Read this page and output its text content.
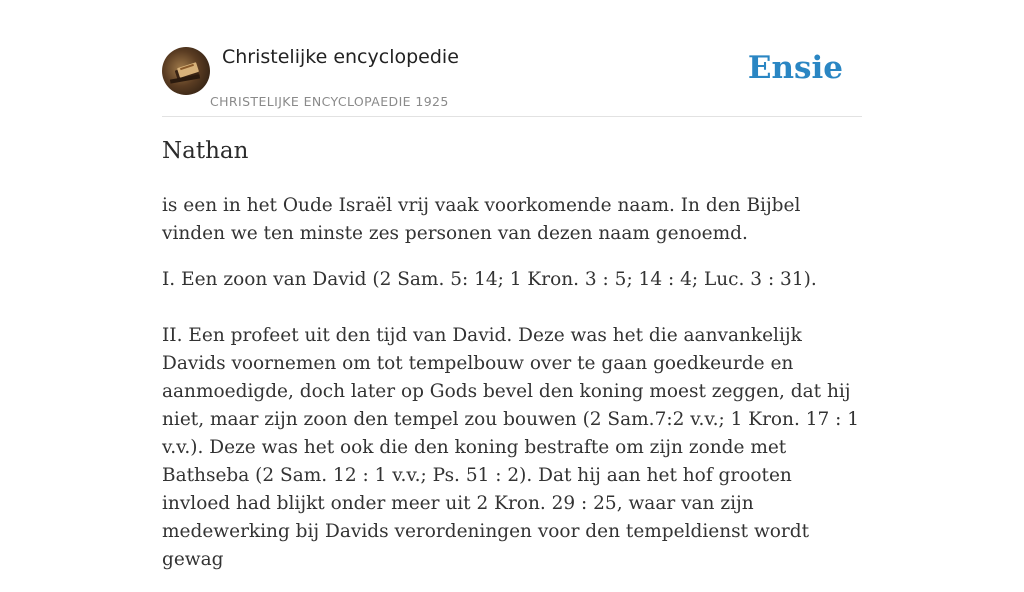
Christelijke encyclopedie
CHRISTELIJKE ENCYCLOPAEDIE 1925
Ensie
Nathan

is een in het Oude Israël vrij vaak voorkomende naam. In den Bijbel vinden we ten minste zes personen van dezen naam genoemd.

I. Een zoon van David (2 Sam. 5: 14; 1 Kron. 3 : 5; 14 : 4; Luc. 3 : 31).

II. Een profeet uit den tijd van David. Deze was het die aanvankelijk Davids voornemen om tot tempelbouw over te gaan goedkeurde en aanmoedigde, doch later op Gods bevel den koning moest zeggen, dat hij niet, maar zijn zoon den tempel zou bouwen (2 Sam.7:2 v.v.; 1 Kron. 17 : 1 v.v.). Deze was het ook die den koning bestrafte om zijn zonde met Bathseba (2 Sam. 12 : 1 v.v.; Ps. 51 : 2). Dat hij aan het hof grooten invloed had blijkt onder meer uit 2 Kron. 29 : 25, waar van zijn medewerking bij Davids verordeningen voor den tempeldienst wordt gewag
